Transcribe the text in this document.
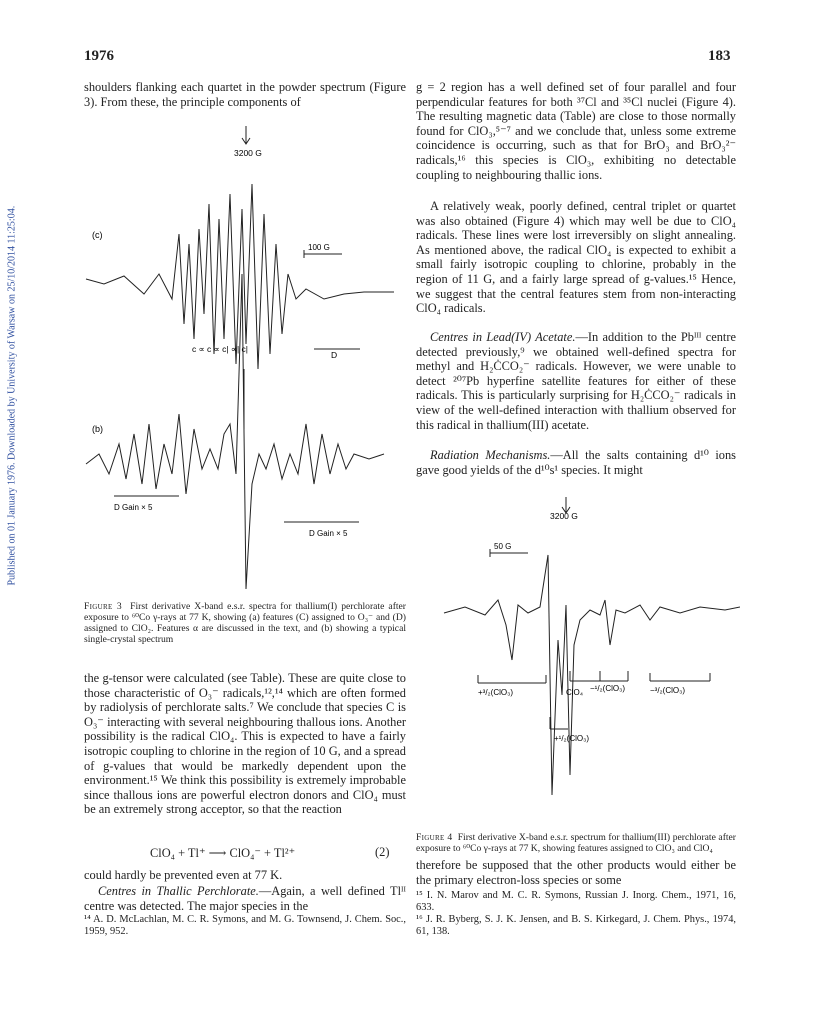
Published on 01 January 1976. Downloaded by University of Warsaw on 25/10/2014 11:25:04.
1976	183

shoulders flanking each quartet in the powder spectrum (Figure 3). From these, the principle components of

3200 G
100 G
(c)
(b)
c ∝ c ∝ c| ∝| c|
D
D Gain × 5
D Gain × 5
Figure 3 First derivative X-band e.s.r. spectra for thallium(I) perchlorate after exposure to ⁶⁰Co γ-rays at 77 K, showing (a) features (C) assigned to O₃⁻ and (D) assigned to ClO₂. Features α are discussed in the text, and (b) showing a typical single-crystal spectrum

the g-tensor were calculated (see Table). These are quite close to those characteristic of O₃⁻ radicals,¹²,¹⁴ which are often formed by radiolysis of perchlorate salts.⁷ We conclude that species C is O₃⁻ interacting with several neighbouring thallous ions. Another possibility is the radical ClO₄. This is expected to have a fairly isotropic coupling to chlorine in the region of 10 G, and a spread of g-values that would be markedly dependent upon the environment.¹⁵ We think this possibility is extremely improbable since thallous ions are powerful electron donors and ClO₄ must be an extremely strong acceptor, so that the reaction

ClO₄ + Tl⁺ ⟶ ClO₄⁻ + Tl²⁺	(2)

could hardly be prevented even at 77 K.

Centres in Thallic Perchlorate.—Again, a well defined Tlᴵᴵ centre was detected. The major species in the

¹⁴ A. D. McLachlan, M. C. R. Symons, and M. G. Townsend, J. Chem. Soc., 1959, 952.

g = 2 region has a well defined set of four parallel and four perpendicular features for both ³⁷Cl and ³⁵Cl nuclei (Figure 4). The resulting magnetic data (Table) are close to those normally found for ClO₃,⁵⁻⁷ and we conclude that, unless some extreme coincidence is occurring, such as that for BrO₃ and BrO₃²⁻ radicals,¹⁶ this species is ClO₃, exhibiting no detectable coupling to neighbouring thallic ions.

A relatively weak, poorly defined, central triplet or quartet was also obtained (Figure 4) which may well be due to ClO₄ radicals. These lines were lost irreversibly on slight annealing. As mentioned above, the radical ClO₄ is expected to exhibit a small fairly isotropic coupling to chlorine, probably in the region of 11 G, and a fairly large spread of g-values.¹⁵ Hence, we suggest that the central features stem from non-interacting ClO₄ radicals.

Centres in Lead(IV) Acetate.—In addition to the Pbᴵᴵᴵ centre detected previously,⁹ we obtained well-defined spectra for methyl and H₂ĊCO₂⁻ radicals. However, we were unable to detect ²⁰⁷Pb hyperfine satellite features for either of these radicals. This is particularly surprising for H₂ĊCO₂⁻ radicals in view of the well-defined interaction with thallium observed for this radical in thallium(III) acetate.

Radiation Mechanisms.—All the salts containing d¹⁰ ions gave good yields of the d¹⁰s¹ species. It might

3200 G
50 G
+³/₂(ClO₃)	ClO₄ −¹/₂(ClO₃)	−³/₂(ClO₃)
+¹/₂(ClO₃)
Figure 4 First derivative X-band e.s.r. spectrum for thallium(III) perchlorate after exposure to ⁶⁰Co γ-rays at 77 K, showing features assigned to ClO₃ and ClO₄

therefore be supposed that the other products would either be the primary electron-loss species or some

¹⁵ I. N. Marov and M. C. R. Symons, Russian J. Inorg. Chem., 1971, 16, 633.

¹⁶ J. R. Byberg, S. J. K. Jensen, and B. S. Kirkegard, J. Chem. Phys., 1974, 61, 138.
